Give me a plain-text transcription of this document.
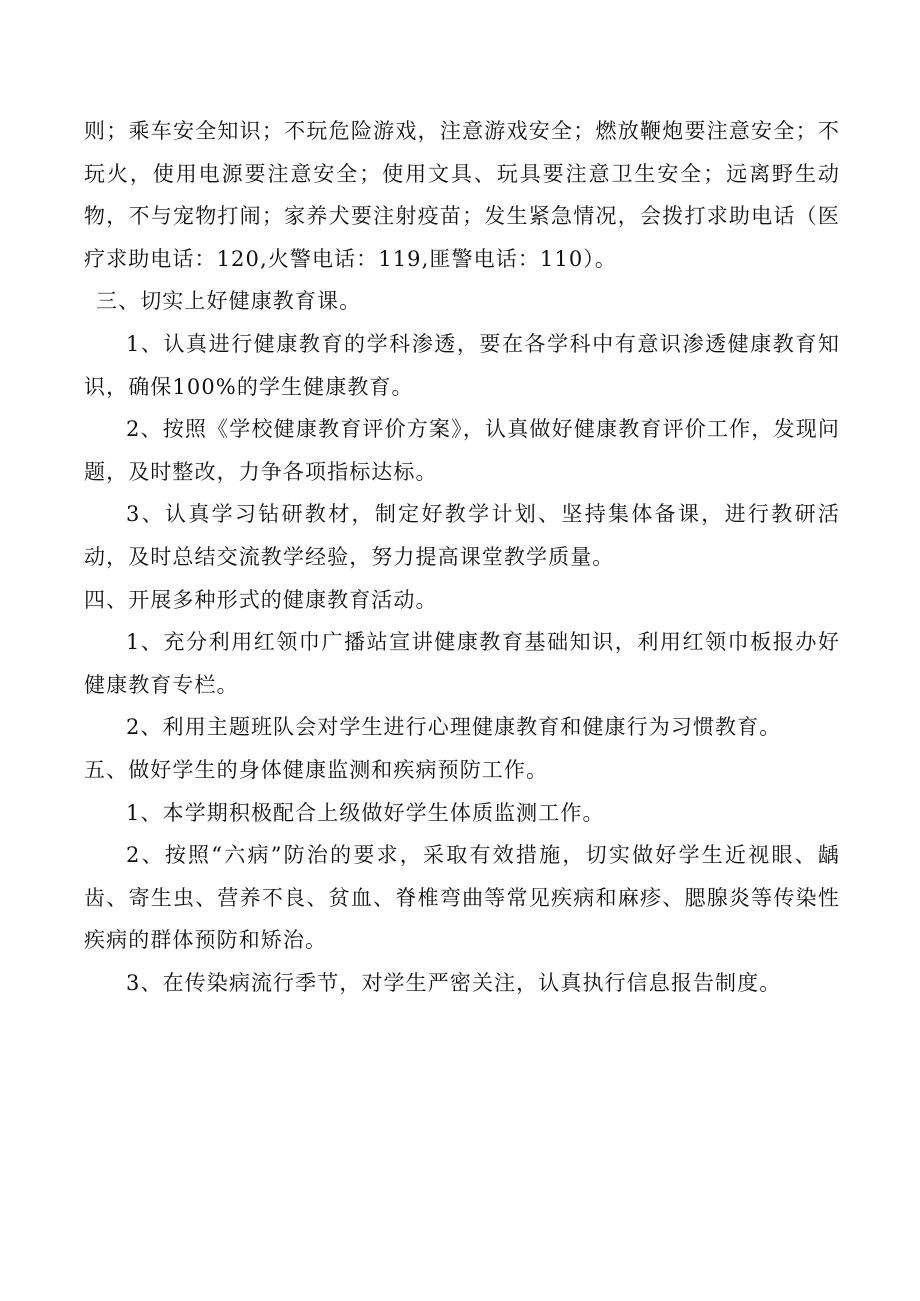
则；乘车安全知识；不玩危险游戏，注意游戏安全；燃放鞭炮要注意安全；不玩火，使用电源要注意安全；使用文具、玩具要注意卫生安全；远离野生动物，不与宠物打闹；家养犬要注射疫苗；发生紧急情况，会拨打求助电话（医疗求助电话：120,火警电话：119,匪警电话：110）。

三、切实上好健康教育课。

1、认真进行健康教育的学科渗透，要在各学科中有意识渗透健康教育知识，确保100%的学生健康教育。

2、按照《学校健康教育评价方案》，认真做好健康教育评价工作，发现问题，及时整改，力争各项指标达标。

3、认真学习钻研教材，制定好教学计划、坚持集体备课，进行教研活动，及时总结交流教学经验，努力提高课堂教学质量。

四、开展多种形式的健康教育活动。

1、充分利用红领巾广播站宣讲健康教育基础知识，利用红领巾板报办好健康教育专栏。

2、利用主题班队会对学生进行心理健康教育和健康行为习惯教育。

五、做好学生的身体健康监测和疾病预防工作。

1、本学期积极配合上级做好学生体质监测工作。

2、按照“六病”防治的要求，采取有效措施，切实做好学生近视眼、龋齿、寄生虫、营养不良、贫血、脊椎弯曲等常见疾病和麻疹、腮腺炎等传染性疾病的群体预防和矫治。

3、在传染病流行季节，对学生严密关注，认真执行信息报告制度。
